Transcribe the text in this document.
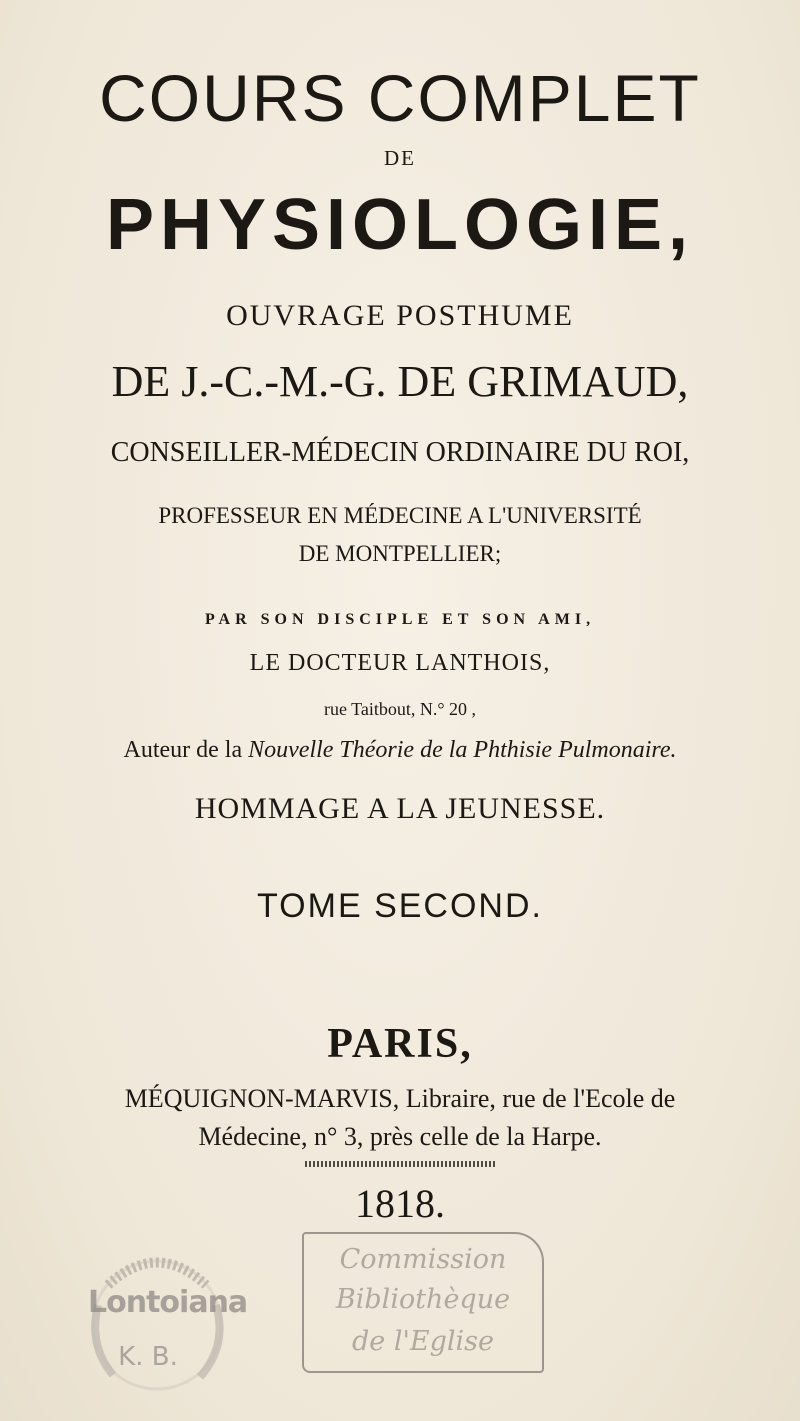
COURS COMPLET
DE
PHYSIOLOGIE,
OUVRAGE POSTHUME
DE J.-C.-M.-G. DE GRIMAUD,
CONSEILLER-MÉDECIN ORDINAIRE DU ROI,
PROFESSEUR EN MÉDECINE A L'UNIVERSITÉ
DE MONTPELLIER;
PAR SON DISCIPLE ET SON AMI,
LE DOCTEUR LANTHOIS,
rue Taitbout, N.° 20 ,
Auteur de la Nouvelle Théorie de la Phthisie Pulmonaire.
HOMMAGE A LA JEUNESSE.
TOME SECOND.
PARIS,
MÉQUIGNON-MARVIS, Libraire, rue de l'Ecole de
Médecine, n° 3, près celle de la Harpe.
1818.
Lontoiana
K. B.
Commission
Bibliothèque
de l'Eglise
